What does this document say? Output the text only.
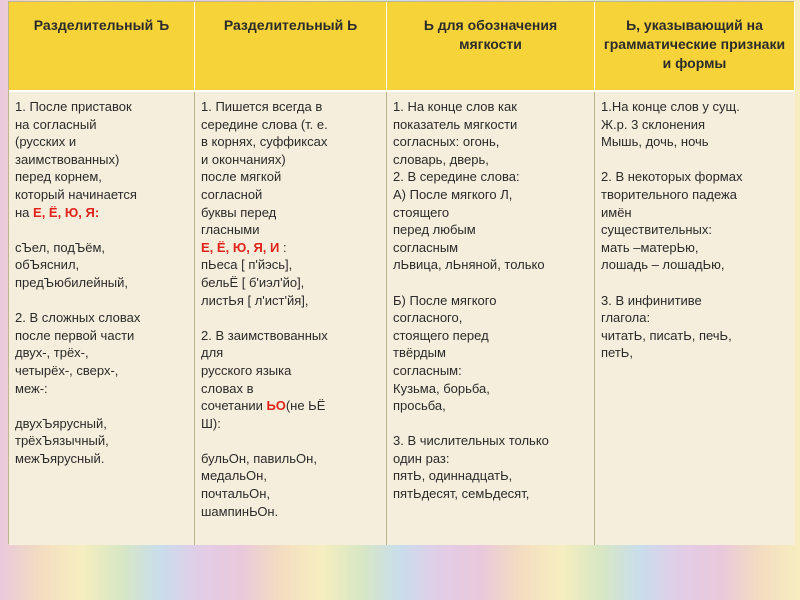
Разделительный Ъ	Разделительный Ь	Ь для обозначения мягкости
Ь, указывающий на грамматические признаки и формы
1. После приставок
на согласный
(русских и
заимствованных)
перед корнем,
который начинается
на Е, Ё, Ю, Я:

сЪел, подЪём,
обЪяснил,
предЪюбилейный,

2. В сложных словах
после первой части
двух-, трёх-,
четырёх-, сверх-,
меж-:

двухЪярусный,
трёхЪязычный,
межЪярусный.
1. Пишется всегда в
середине слова (т. е.
в корнях, суффиксах
и окончаниях)
после мягкой
согласной
буквы перед
гласными
Е, Ё, Ю, Я, И :
пЬеса [ п'йэсь],
бельЁ [ б'иэл'йо],
листЬя [ л'ист'йя],

2. В заимствованных
для
русского языка
словах в
сочетании ЬО(не ЬЁ
Ш):

бульОн, павильОн,
медальОн,
почтальОн,
шампинЬОн.
1. На конце слов как
показатель мягкости
согласных: огонь,
словарь, дверь,
2. В середине слова:
А) После мягкого Л,
стоящего
перед любым
согласным
лЬвица, лЬняной, только

Б) После мягкого
согласного,
стоящего перед
твёрдым
согласным:
Кузьма, борьба,
просьба,

3. В числительных только
один раз:
пятЬ, одиннадцатЬ,
пятЬдесят, семЬдесят,
1.На конце слов у сущ.
Ж.р. 3 склонения
Мышь, дочь, ночь

2. В некоторых формах
творительного падежа
имён
существительных:
мать –матерЬю,
лошадь – лошадЬю,

3. В инфинитиве
глагола:
читатЬ, писатЬ, печЬ,
петЬ,
